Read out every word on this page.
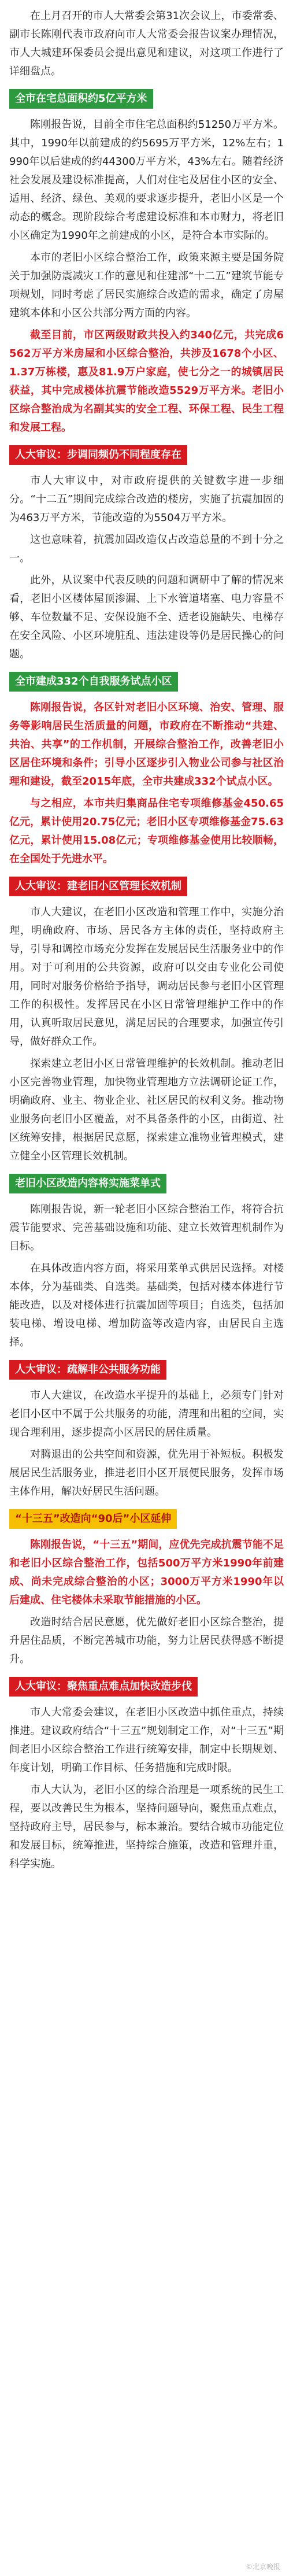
在上月召开的市人大常委会第31次会议上，市委常委、副市长陈刚代表市政府向市人大常委会报告议案办理情况，市人大城建环保委员会提出意见和建议，对这项工作进行了详细盘点。

全市在宅总面积约5亿平方米

陈刚报告说，目前全市住宅总面积约51250万平方米。其中，1990年以前建成的约5695万平方米，12%左右；1990年以后建成的约44300万平方米，43%左右。随着经济社会发展及建设标准提高，人们对住宅及居住小区的安全、适用、经济、绿色、美观的要求逐步提升，老旧小区是一个动态的概念。现阶段综合考虑建设标准和本市财力，将老旧小区确定为1990年之前建成的小区，是符合本市实际的。

本市的老旧小区综合整治工作，政策来源主要是国务院关于加强防震减灾工作的意见和住建部“十二五”建筑节能专项规划，同时考虑了居民实施综合改造的需求，确定了房屋建筑本体和小区公共部分两方面的内容。

截至目前，市区两级财政共投入约340亿元，共完成6562万平方米房屋和小区综合整治，共涉及1678个小区、1.37万栋楼，惠及81.9万户家庭，使七分之一的城镇居民获益，其中完成楼体抗震节能改造5529万平方米。老旧小区综合整治成为名副其实的安全工程、环保工程、民生工程和发展工程。

人大审议：步调同频仍不同程度存在

市人大审议中，对市政府提供的关键数字进一步细分。“十二五”期间完成综合改造的楼房，实施了抗震加固的为463万平方米，节能改造的为5504万平方米。

这也意味着，抗震加固改造仅占改造总量的不到十分之一。

此外，从议案中代表反映的问题和调研中了解的情况来看，老旧小区楼体屋顶渗漏、上下水管道堵塞、电力容量不够、车位数量不足、安保设施不全、适老设施缺失、电梯存在安全风险、小区环境脏乱、违法建设等仍是居民操心的问题。

全市建成332个自我服务试点小区

陈刚报告说，各区针对老旧小区环境、治安、管理、服务等影响居民生活质量的问题，市政府在不断推动“共建、共治、共享”的工作机制，开展综合整治工作，改善老旧小区居住环境和条件；引导小区逐步引入物业公司参与社区治理和建设，截至2015年底，全市共建成332个试点小区。

与之相应，本市共归集商品住宅专项维修基金450.65亿元，累计使用20.75亿元；老旧小区专项维修基金75.63亿元，累计使用15.08亿元；专项维修基金使用比较顺畅，在全国处于先进水平。

人大审议：建老旧小区管理长效机制

市人大建议，在老旧小区改造和管理工作中，实施分治理，明确政府、市场、居民各方主体的责任，坚持政府主导，引导和调控市场充分发挥在发展居民生活服务业中的作用。对于可利用的公共资源，政府可以交由专业化公司使用，同时对服务价格给予指导，调动居民参与老旧小区管理工作的积极性。发挥居民在小区日常管理维护工作中的作用，认真听取居民意见，满足居民的合理要求，加强宣传引导，做好群众工作。

探索建立老旧小区日常管理维护的长效机制。推动老旧小区完善物业管理，加快物业管理地方立法调研论证工作，明确政府、业主、物业企业、社区居民的权利义务。推动物业服务向老旧小区覆盖，对不具备条件的小区，由街道、社区统筹安排，根据居民意愿，探索建立准物业管理模式，建立健全小区管理长效机制。

老旧小区改造内容将实施菜单式

陈刚报告说，新一轮老旧小区综合整治工作，将符合抗震节能要求、完善基础设施和功能、建立长效管理机制作为目标。

在具体改造内容方面，将采用菜单式供居民选择。对楼本体，分为基础类、自选类。基础类，包括对楼本体进行节能改造，以及对楼体进行抗震加固等项目；自选类，包括加装电梯、增设电梯、增加防盗等改造内容，由居民自主选择。

人大审议：疏解非公共服务功能

市人大建议，在改造水平提升的基础上，必须专门针对老旧小区中不属于公共服务的功能，清理和出租的空间，实现合理利用，逐步提高小区居民的居住质量。

对腾退出的公共空间和资源，优先用于补短板。积极发展居民生活服务业，推进老旧小区开展便民服务，发挥市场主体作用，解决好居民生活问题。

“十三五”改造向“90后”小区延伸

陈刚报告说，“十三五”期间，应优先完成抗震节能不足和老旧小区综合整治工作，包括500万平方米1990年前建成、尚未完成综合整治的小区；3000万平方米1990年以后建成、住宅楼体未采取节能措施的小区。

改造时结合居民意愿，优先做好老旧小区综合整治，提升居住品质，不断完善城市功能，努力让居民获得感不断提升。

人大审议：聚焦重点难点加快改造步伐

市人大常委会建议，在老旧小区改造中抓住重点，持续推进。建议政府结合“十三五”规划制定工作，对“十三五”期间老旧小区综合整治工作进行统筹安排，制定中长期规划、年度计划，明确工作目标、任务措施和完成时限。

市人大认为，老旧小区的综合治理是一项系统的民生工程，要以改善民生为根本，坚持问题导向，聚焦重点难点，坚持政府主导，居民参与，标本兼治。要结合城市功能定位和发展目标，统筹推进，坚持综合施策，改造和管理并重，科学实施。

©北京晚报
